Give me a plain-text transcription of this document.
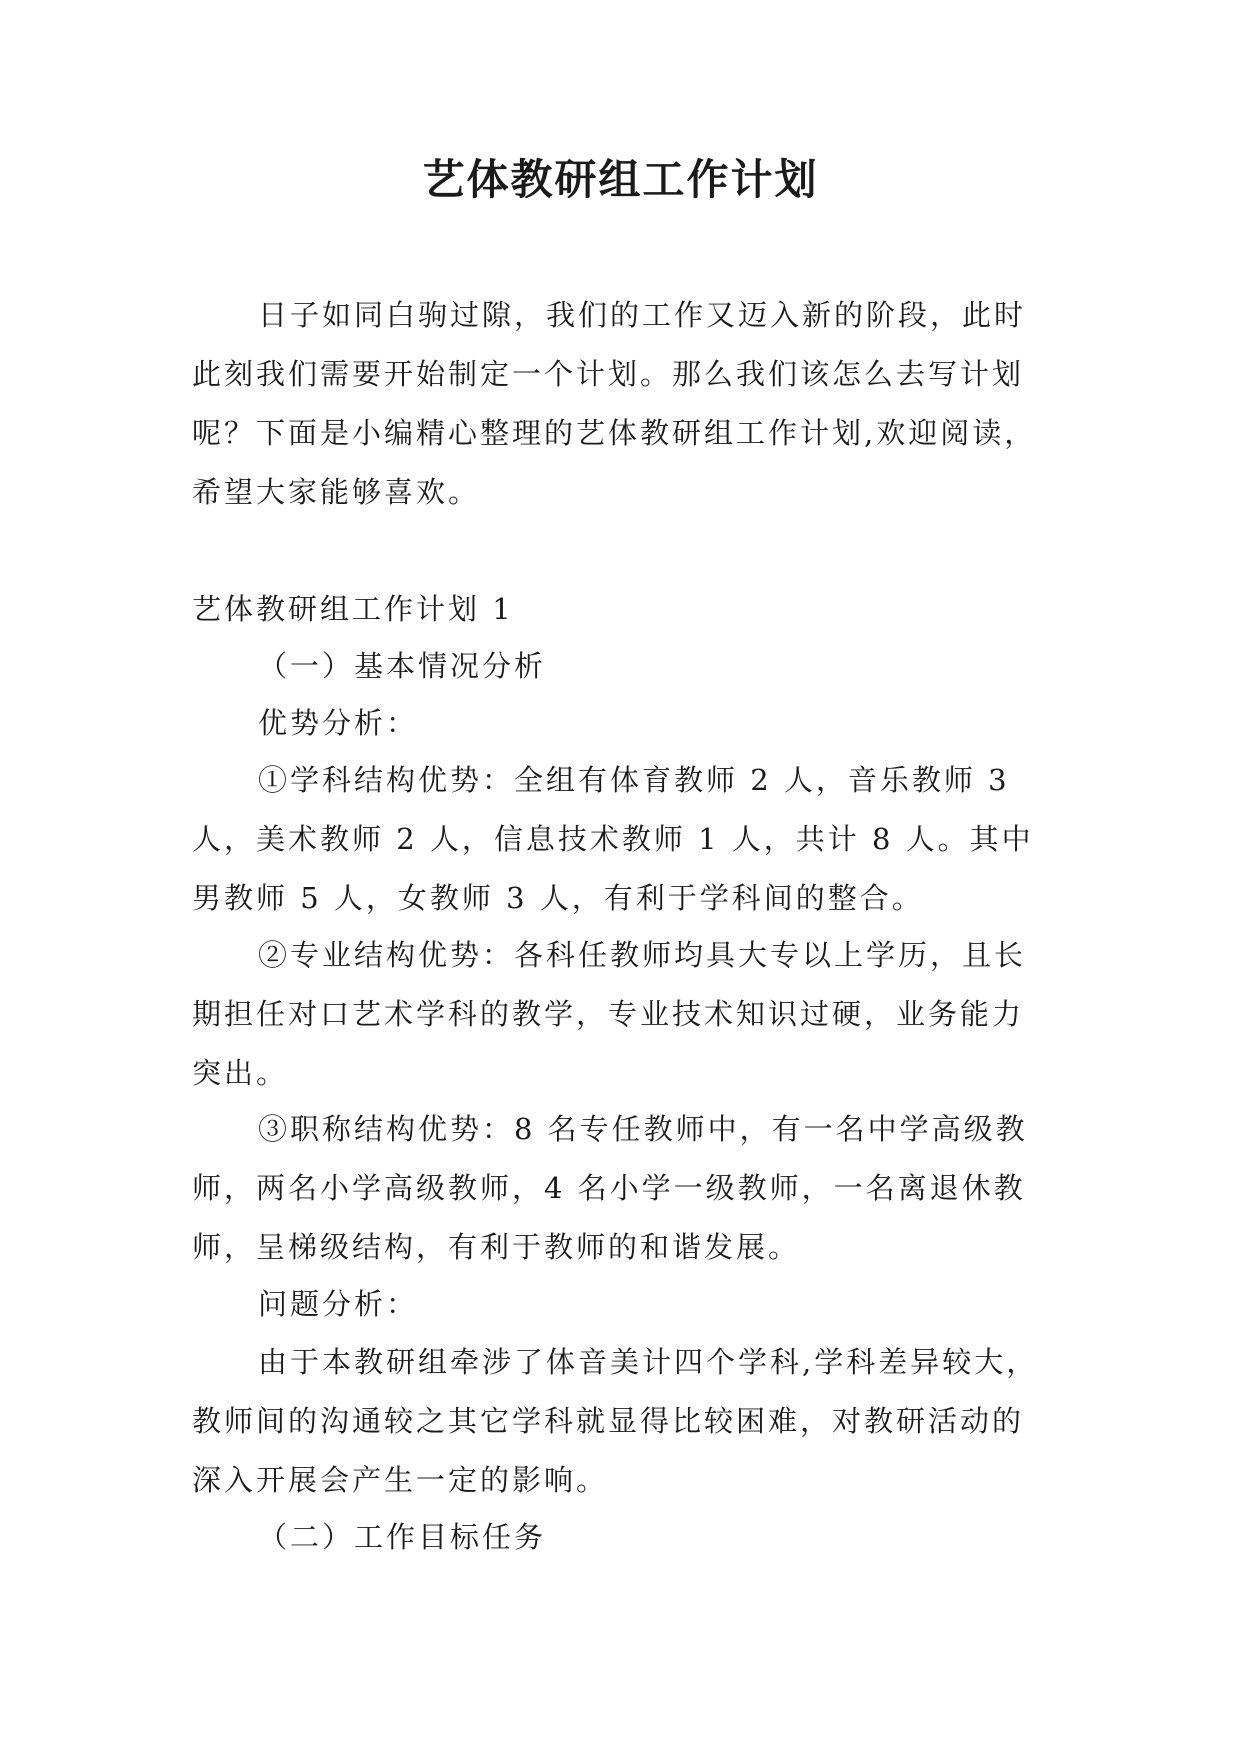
艺体教研组工作计划

日子如同白驹过隙，我们的工作又迈入新的阶段，此时此刻我们需要开始制定一个计划。那么我们该怎么去写计划呢？下面是小编精心整理的艺体教研组工作计划,欢迎阅读，希望大家能够喜欢。

艺体教研组工作计划 1

（一）基本情况分析

优势分析：

①学科结构优势：全组有体育教师 2 人，音乐教师 3 人，美术教师 2 人，信息技术教师 1 人，共计 8 人。其中男教师 5 人，女教师 3 人，有利于学科间的整合。

②专业结构优势：各科任教师均具大专以上学历，且长期担任对口艺术学科的教学，专业技术知识过硬，业务能力突出。

③职称结构优势：8 名专任教师中，有一名中学高级教师，两名小学高级教师，4 名小学一级教师，一名离退休教师，呈梯级结构，有利于教师的和谐发展。

问题分析：

由于本教研组牵涉了体音美计四个学科,学科差异较大，教师间的沟通较之其它学科就显得比较困难，对教研活动的深入开展会产生一定的影响。

（二）工作目标任务
